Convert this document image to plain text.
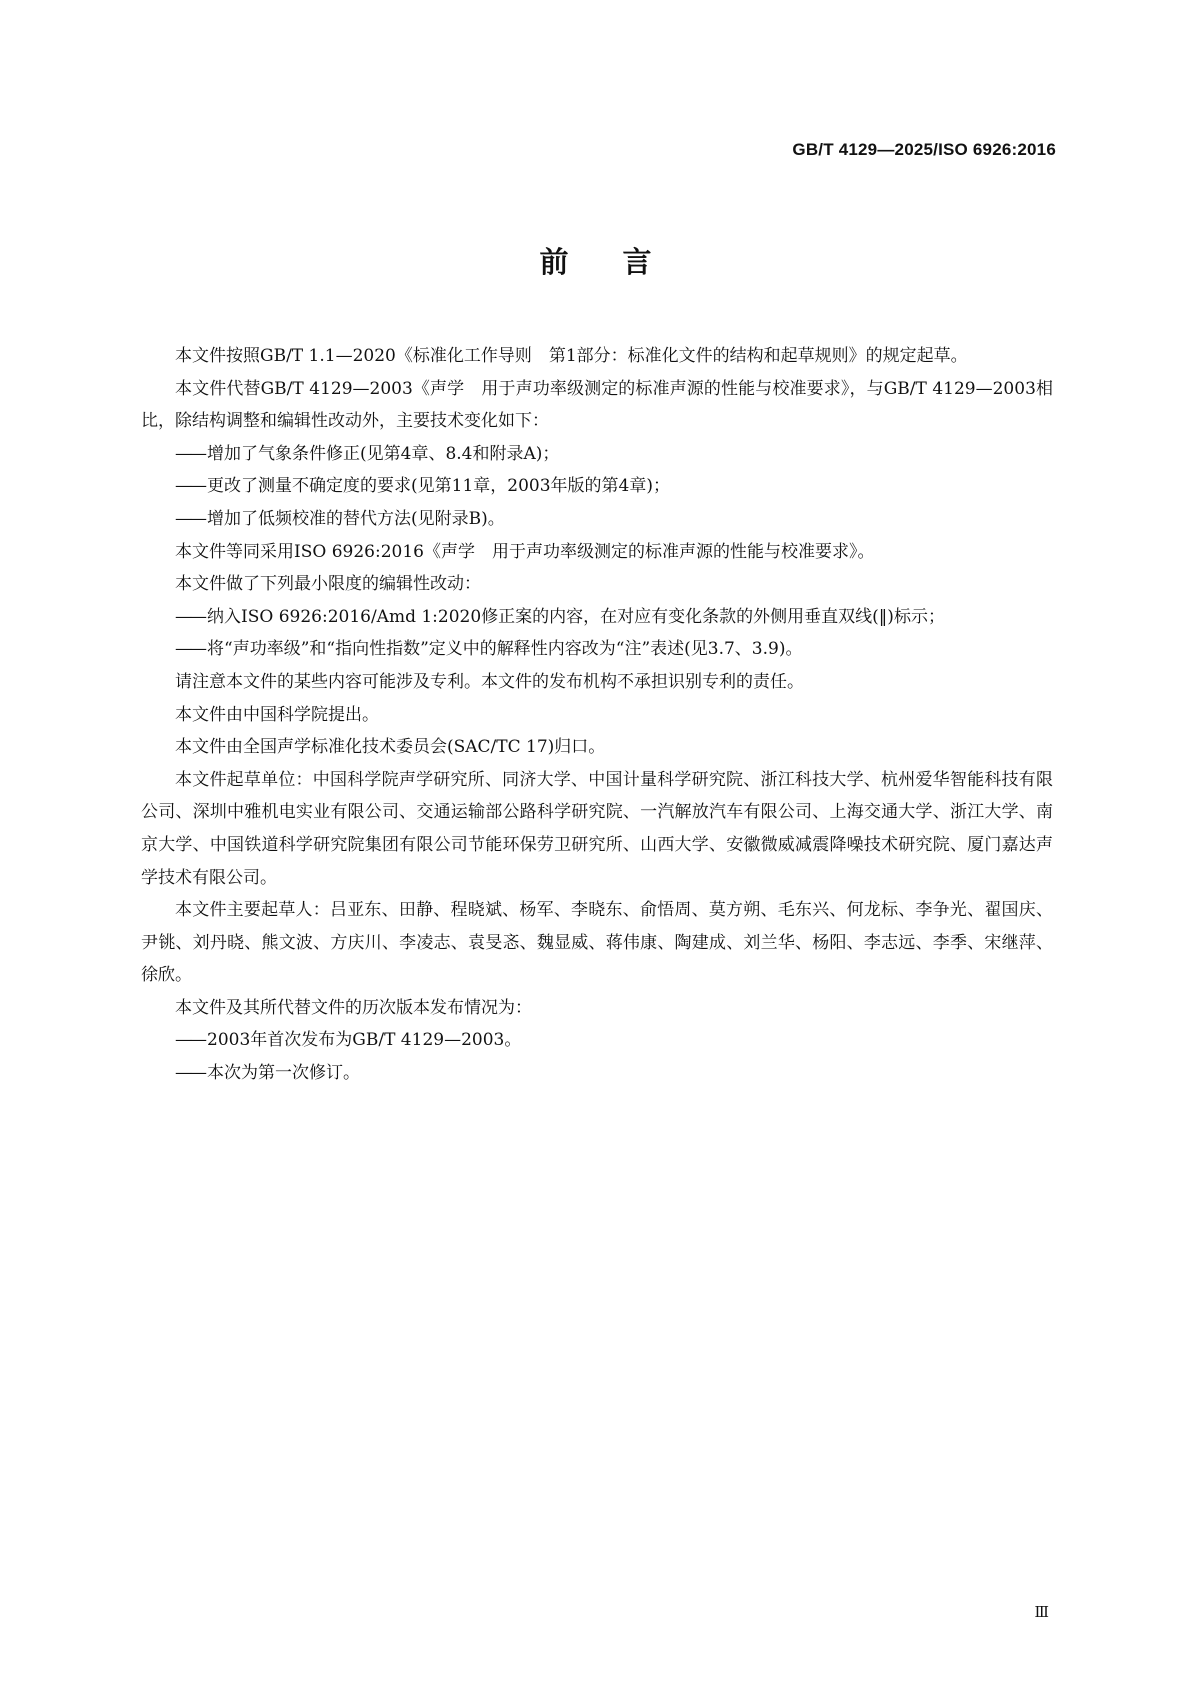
GB/T 4129—2025/ISO 6926:2016
前言

本文件按照GB/T 1.1—2020《标准化工作导则　第1部分：标准化文件的结构和起草规则》的规定起草。

本文件代替GB/T 4129—2003《声学　用于声功率级测定的标准声源的性能与校准要求》，与GB/T 4129—2003相比，除结构调整和编辑性改动外，主要技术变化如下：

—— 增加了气象条件修正(见第4章、8.4和附录A)；

—— 更改了测量不确定度的要求(见第11章，2003年版的第4章)；

—— 增加了低频校准的替代方法(见附录B)。

本文件等同采用ISO 6926:2016《声学　用于声功率级测定的标准声源的性能与校准要求》。

本文件做了下列最小限度的编辑性改动：

—— 纳入ISO 6926:2016/Amd 1:2020修正案的内容，在对应有变化条款的外侧用垂直双线(‖)标示；

—— 将“声功率级”和“指向性指数”定义中的解释性内容改为“注”表述(见3.7、3.9)。

请注意本文件的某些内容可能涉及专利。本文件的发布机构不承担识别专利的责任。

本文件由中国科学院提出。

本文件由全国声学标准化技术委员会(SAC/TC 17)归口。

本文件起草单位：中国科学院声学研究所、同济大学、中国计量科学研究院、浙江科技大学、杭州爱华智能科技有限公司、深圳中雅机电实业有限公司、交通运输部公路科学研究院、一汽解放汽车有限公司、上海交通大学、浙江大学、南京大学、中国铁道科学研究院集团有限公司节能环保劳卫研究所、山西大学、安徽微威减震降噪技术研究院、厦门嘉达声学技术有限公司。

本文件主要起草人：吕亚东、田静、程晓斌、杨军、李晓东、俞悟周、莫方朔、毛东兴、何龙标、李争光、翟国庆、尹铫、刘丹晓、熊文波、方庆川、李凌志、袁旻忞、魏显威、蒋伟康、陶建成、刘兰华、杨阳、李志远、李季、宋继萍、徐欣。

本文件及其所代替文件的历次版本发布情况为：

—— 2003年首次发布为GB/T 4129—2003。

—— 本次为第一次修订。

Ⅲ
